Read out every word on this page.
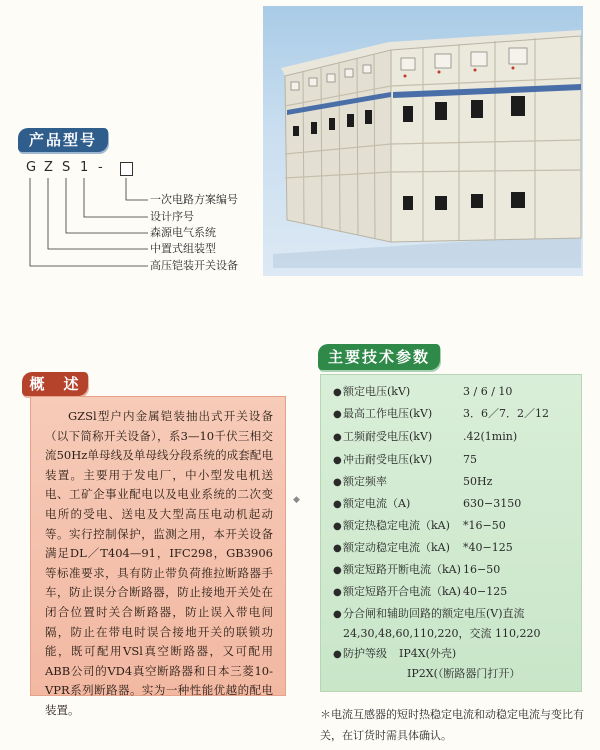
产品型号
G Z S 1 -
一次电路方案编号
设计序号
森源电气系统
中置式组装型
高压铠装开关设备
主要技术参数
概　述

GZSl型户内金属铠装抽出式开关设备（以下简称开关设备），系3—10千伏三相交流50Hz单母线及单母线分段系统的成套配电装置。主要用于发电厂，中小型发电机送电、工矿企事业配电以及电业系统的二次变电所的受电、送电及大型高压电动机起动等。实行控制保护，监测之用，本开关设备满足DL／T404—91，IFC298，GB3906等标准要求，具有防止带负荷推拉断路器手车，防止误分合断路器，防止接地开关处在闭合位置时关合断路器，防止误入带电间隔，防止在带电时误合接地开关的联锁功能，既可配用VSl真空断路器，又可配用ABB公司的VD4真空断路器和日本三菱10-VPR系列断路器。实为一种性能优越的配电装置。

◆
●额定电压(kV)	3 / 6 / 10
●最高工作电压(kV)	3．6／7．2／12
●工频耐受电压(kV)	.42(1min)
●冲击耐受电压(kV)	75
●额定频率	50Hz
●额定电流（A)	630−3150
●额定热稳定电流（kA) *16−50
●额定动稳定电流（kA) *40−125
●额定短路开断电流（kA) 16−50
●额定短路开合电流（kA) 40−125
●分合闸和辅助回路的额定电压(V)直流
24,30,48,60,110,220，交流 110,220
●防护等级 IP4X(外壳)
IP2X(（断路器门打开）
＊电流互感器的短时热稳定电流和动稳定电流与变比有关，在订货时需具体确认。
